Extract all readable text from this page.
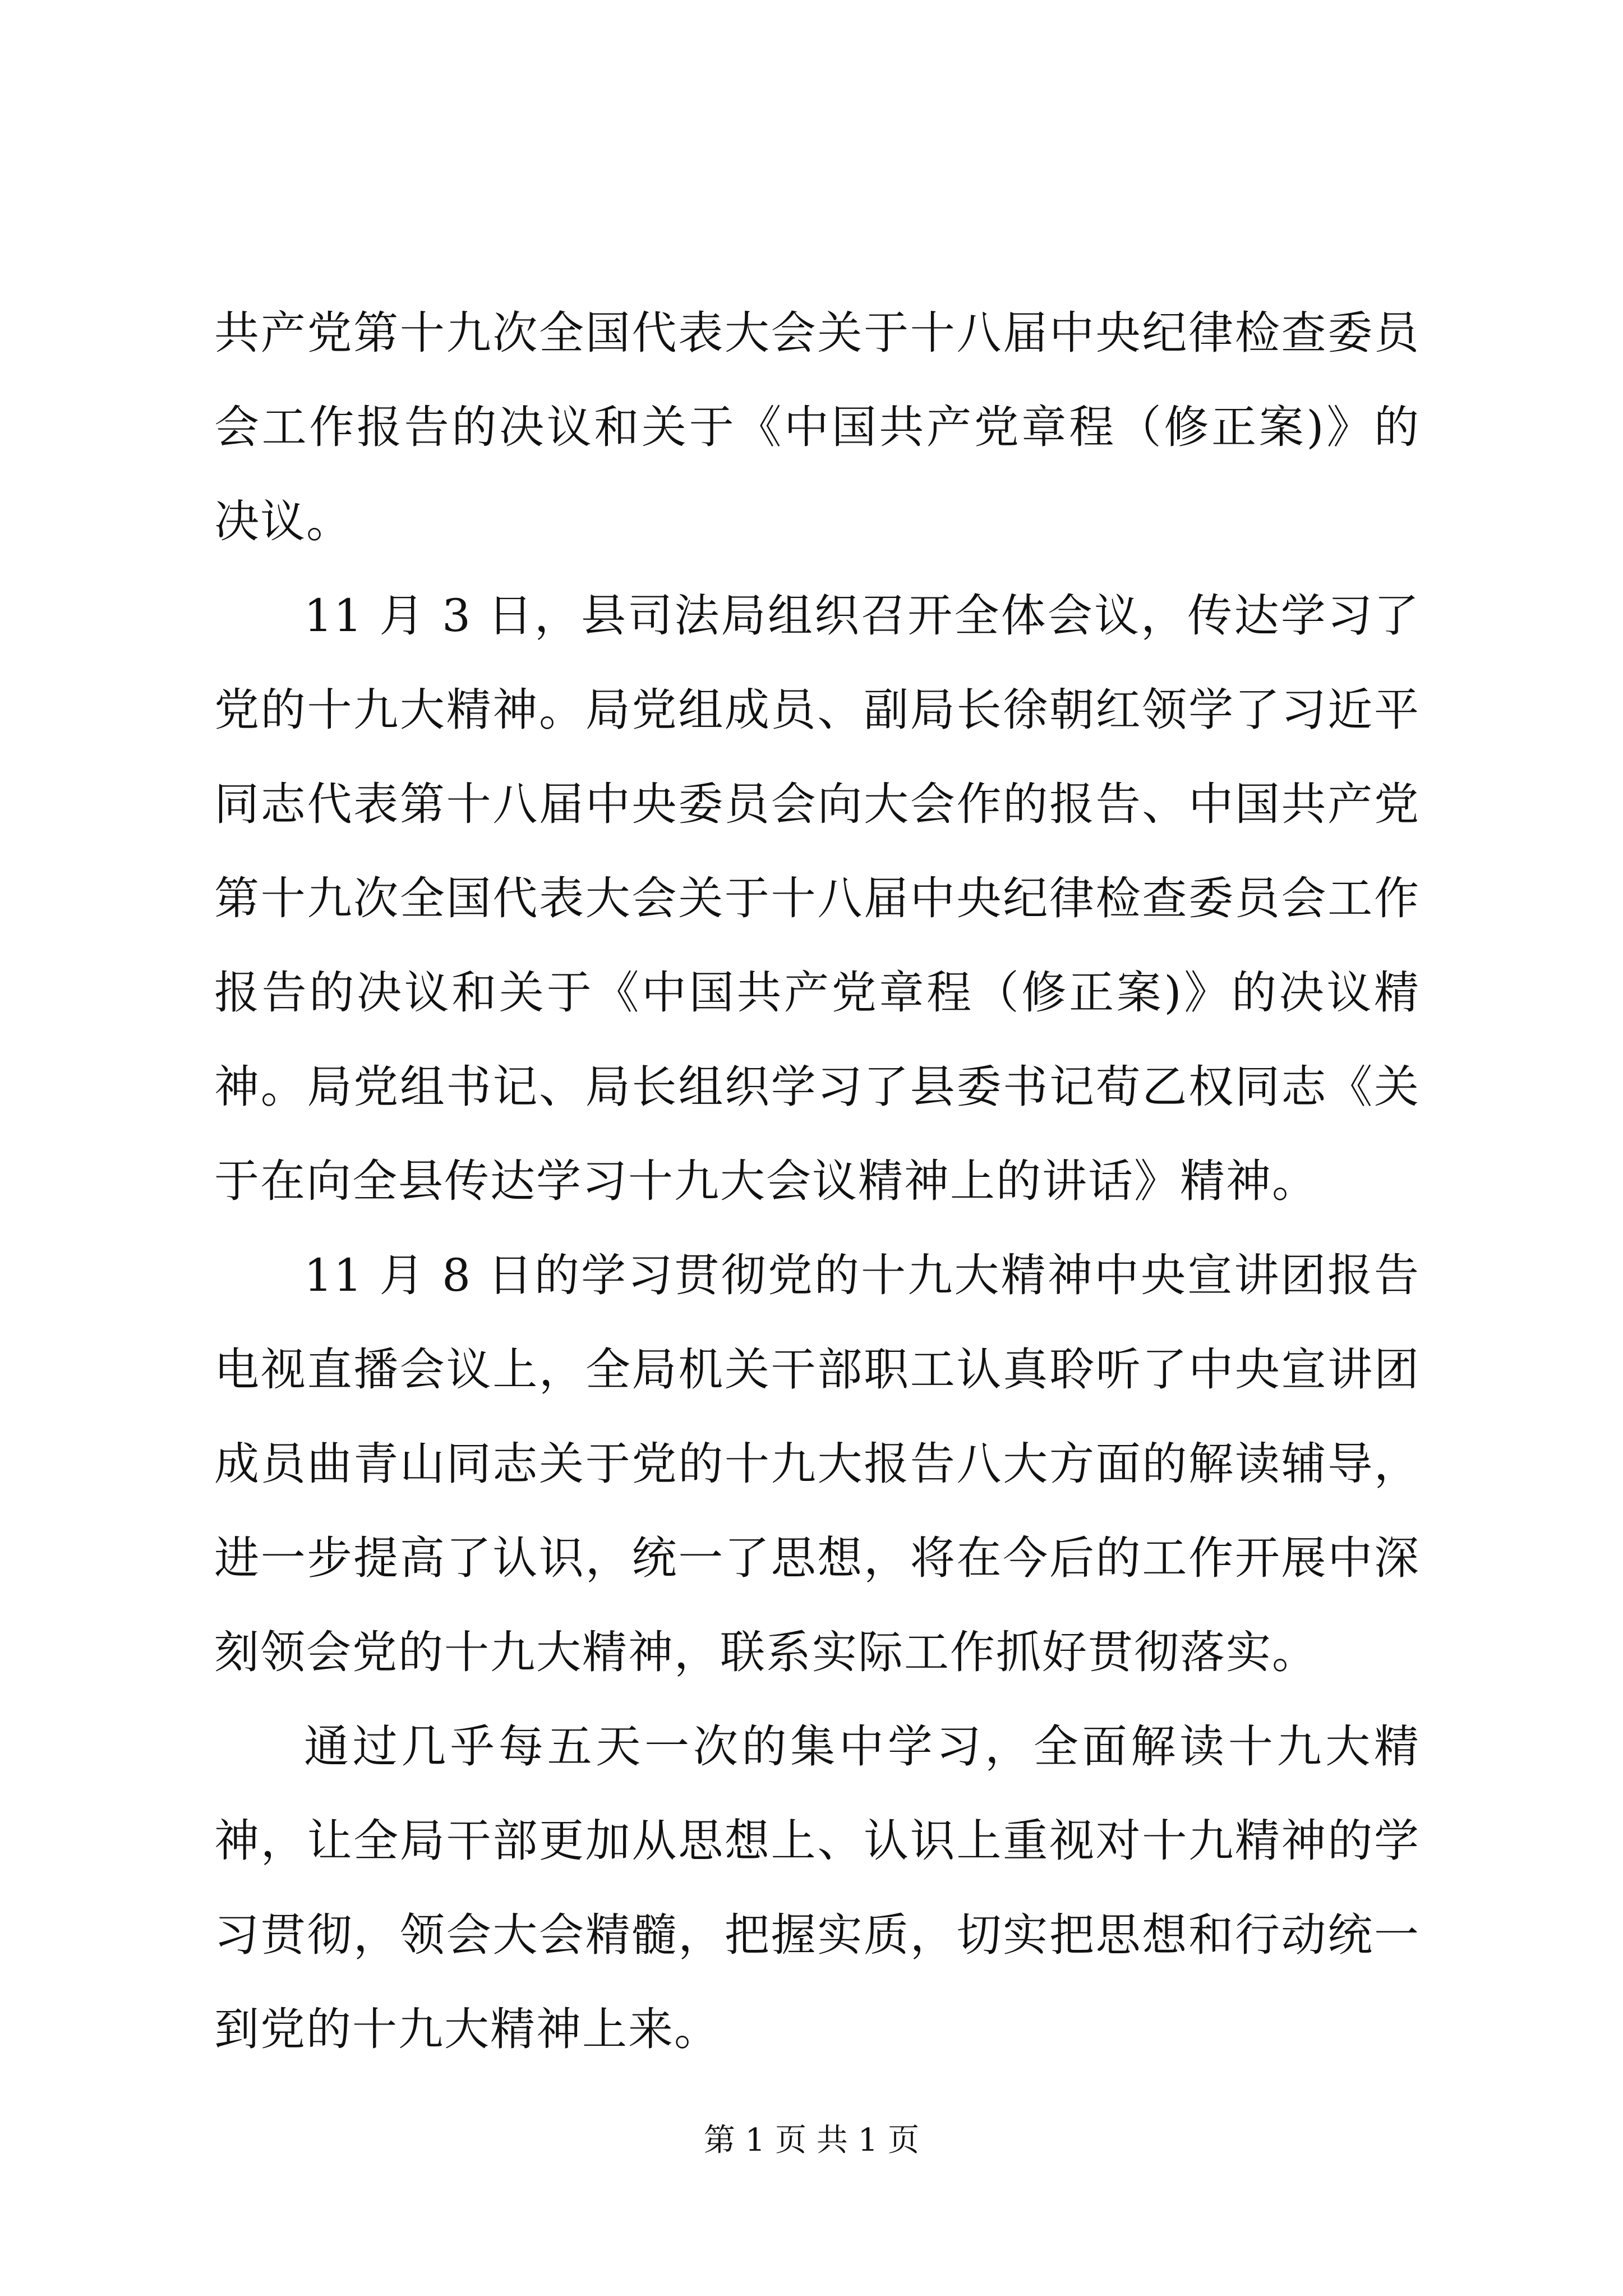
共产党第十九次全国代表大会关于十八届中央纪律检查委员会工作报告的决议和关于《中国共产党章程（修正案)》的决议。

11 月 3 日，县司法局组织召开全体会议，传达学习了党的十九大精神。局党组成员、副局长徐朝红领学了习近平同志代表第十八届中央委员会向大会作的报告、中国共产党第十九次全国代表大会关于十八届中央纪律检查委员会工作报告的决议和关于《中国共产党章程（修正案)》的决议精神。局党组书记、局长组织学习了县委书记荀乙权同志《关于在向全县传达学习十九大会议精神上的讲话》精神。

11 月 8 日的学习贯彻党的十九大精神中央宣讲团报告电视直播会议上，全局机关干部职工认真聆听了中央宣讲团成员曲青山同志关于党的十九大报告八大方面的解读辅导，进一步提高了认识，统一了思想，将在今后的工作开展中深刻领会党的十九大精神，联系实际工作抓好贯彻落实。

通过几乎每五天一次的集中学习，全面解读十九大精神，让全局干部更加从思想上、认识上重视对十九精神的学习贯彻，领会大会精髓，把握实质，切实把思想和行动统一到党的十九大精神上来。

第 1 页 共 1 页
